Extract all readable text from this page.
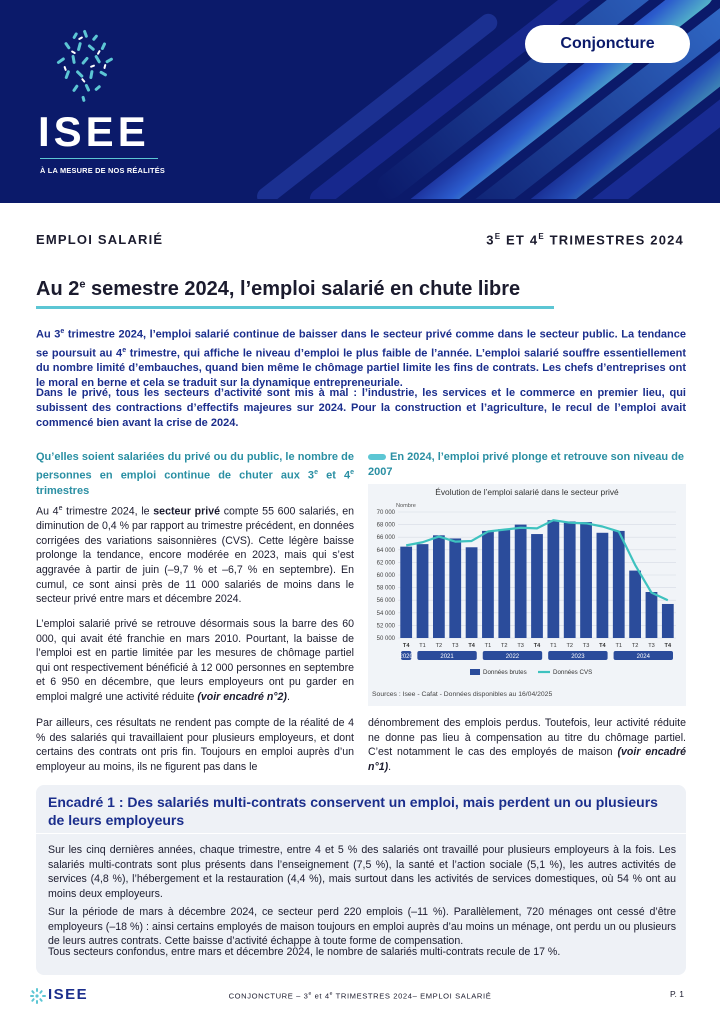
ISEE
À LA MESURE DE NOS RÉALITÉS
Conjoncture
EMPLOI SALARIÉ	$3^E$ ET $4^E$ TRIMESTRES 2024
Au 2e semestre 2024, l’emploi salarié en chute libre

Au 3e trimestre 2024, l’emploi salarié continue de baisser dans le secteur privé comme dans le secteur public. La tendance se poursuit au 4e trimestre, qui affiche le niveau d’emploi le plus faible de l’année. L’emploi salarié souffre essentiellement du nombre limité d’embauches, quand bien même le chômage partiel limite les fins de contrats. Les chefs d’entreprises ont le moral en berne et cela se traduit sur la dynamique entrepreneuriale.

Dans le privé, tous les secteurs d’activité sont mis à mal : l’industrie, les services et le commerce en premier lieu, qui subissent des contractions d’effectifs majeures sur 2024. Pour la construction et l’agriculture, le recul de l’emploi avait commencé bien avant la crise de 2024.

Qu’elles soient salariées du privé ou du public, le nombre de personnes en emploi continue de chuter aux 3e et 4e trimestres

Au 4e trimestre 2024, le secteur privé compte 55 600 salariés, en diminution de 0,4 % par rapport au trimestre précédent, en données corrigées des variations saisonnières (CVS). Cette légère baisse prolonge la tendance, encore modérée en 2023, mais qui s’est aggravée à partir de juin (–9,7 % et –6,7 % en septembre). En cumul, ce sont ainsi près de 11 000 salariés de moins dans le secteur privé entre mars et décembre 2024.

L’emploi salarié privé se retrouve désormais sous la barre des 60 000, qui avait été franchie en mars 2010. Pourtant, la baisse de l’emploi est en partie limitée par les mesures de chômage partiel qui ont respectivement bénéficié à 12 000 personnes en septembre et 6 950 en décembre, que leurs employeurs ont pu garder en emploi malgré une activité réduite (voir encadré n°2).

Par ailleurs, ces résultats ne rendent pas compte de la réalité de 4 % des salariés qui travaillaient pour plusieurs employeurs, et dont certains des contrats ont pris fin. Toujours en emploi auprès d’un employeur au moins, ils ne figurent pas dans le

En 2024, l’emploi privé plonge et retrouve son niveau de 2007

Évolution de l’emploi salarié dans le secteur privé
Nombre
70 000
68 000
66 000
64 000
62 000
60 000
58 000
56 000
54 000
52 000
50 000
T4 T1 T2 T3 T4 T1 T2 T3 T4 T1 T2 T3 T4 T1 T2 T3 T4
2020	2021	2022	2023	2024
Données brutes	Données CVS
Sources : Isee - Cafat - Données disponibles au 16/04/2025

dénombrement des emplois perdus. Toutefois, leur activité réduite ne donne pas lieu à compensation au titre du chômage partiel. C’est notamment le cas des employés de maison (voir encadré n°1).

Encadré 1 : Des salariés multi-contrats conservent un emploi, mais perdent un ou plusieurs de leurs employeurs

Sur les cinq dernières années, chaque trimestre, entre 4 et 5 % des salariés ont travaillé pour plusieurs employeurs à la fois. Les salariés multi-contrats sont plus présents dans l’enseignement (7,5 %), la santé et l’action sociale (5,1 %), les autres activités de services (4,8 %), l’hébergement et la restauration (4,4 %), mais surtout dans les activités de services domestiques, où 54 % ont au moins deux employeurs.

Sur la période de mars à décembre 2024, ce secteur perd 220 emplois (–11 %). Parallèlement, 720 ménages ont cessé d’être employeurs (–18 %) : ainsi certains employés de maison toujours en emploi auprès d’au moins un ménage, ont perdu un ou plusieurs de leurs autres contrats. Cette baisse d’activité échappe à toute forme de compensation.

Tous secteurs confondus, entre mars et décembre 2024, le nombre de salariés multi-contrats recule de 17 %.

ISEE	CONJONCTURE – 3e et 4e TRIMESTRES 2024– EMPLOI SALARIÉ	P. 1
